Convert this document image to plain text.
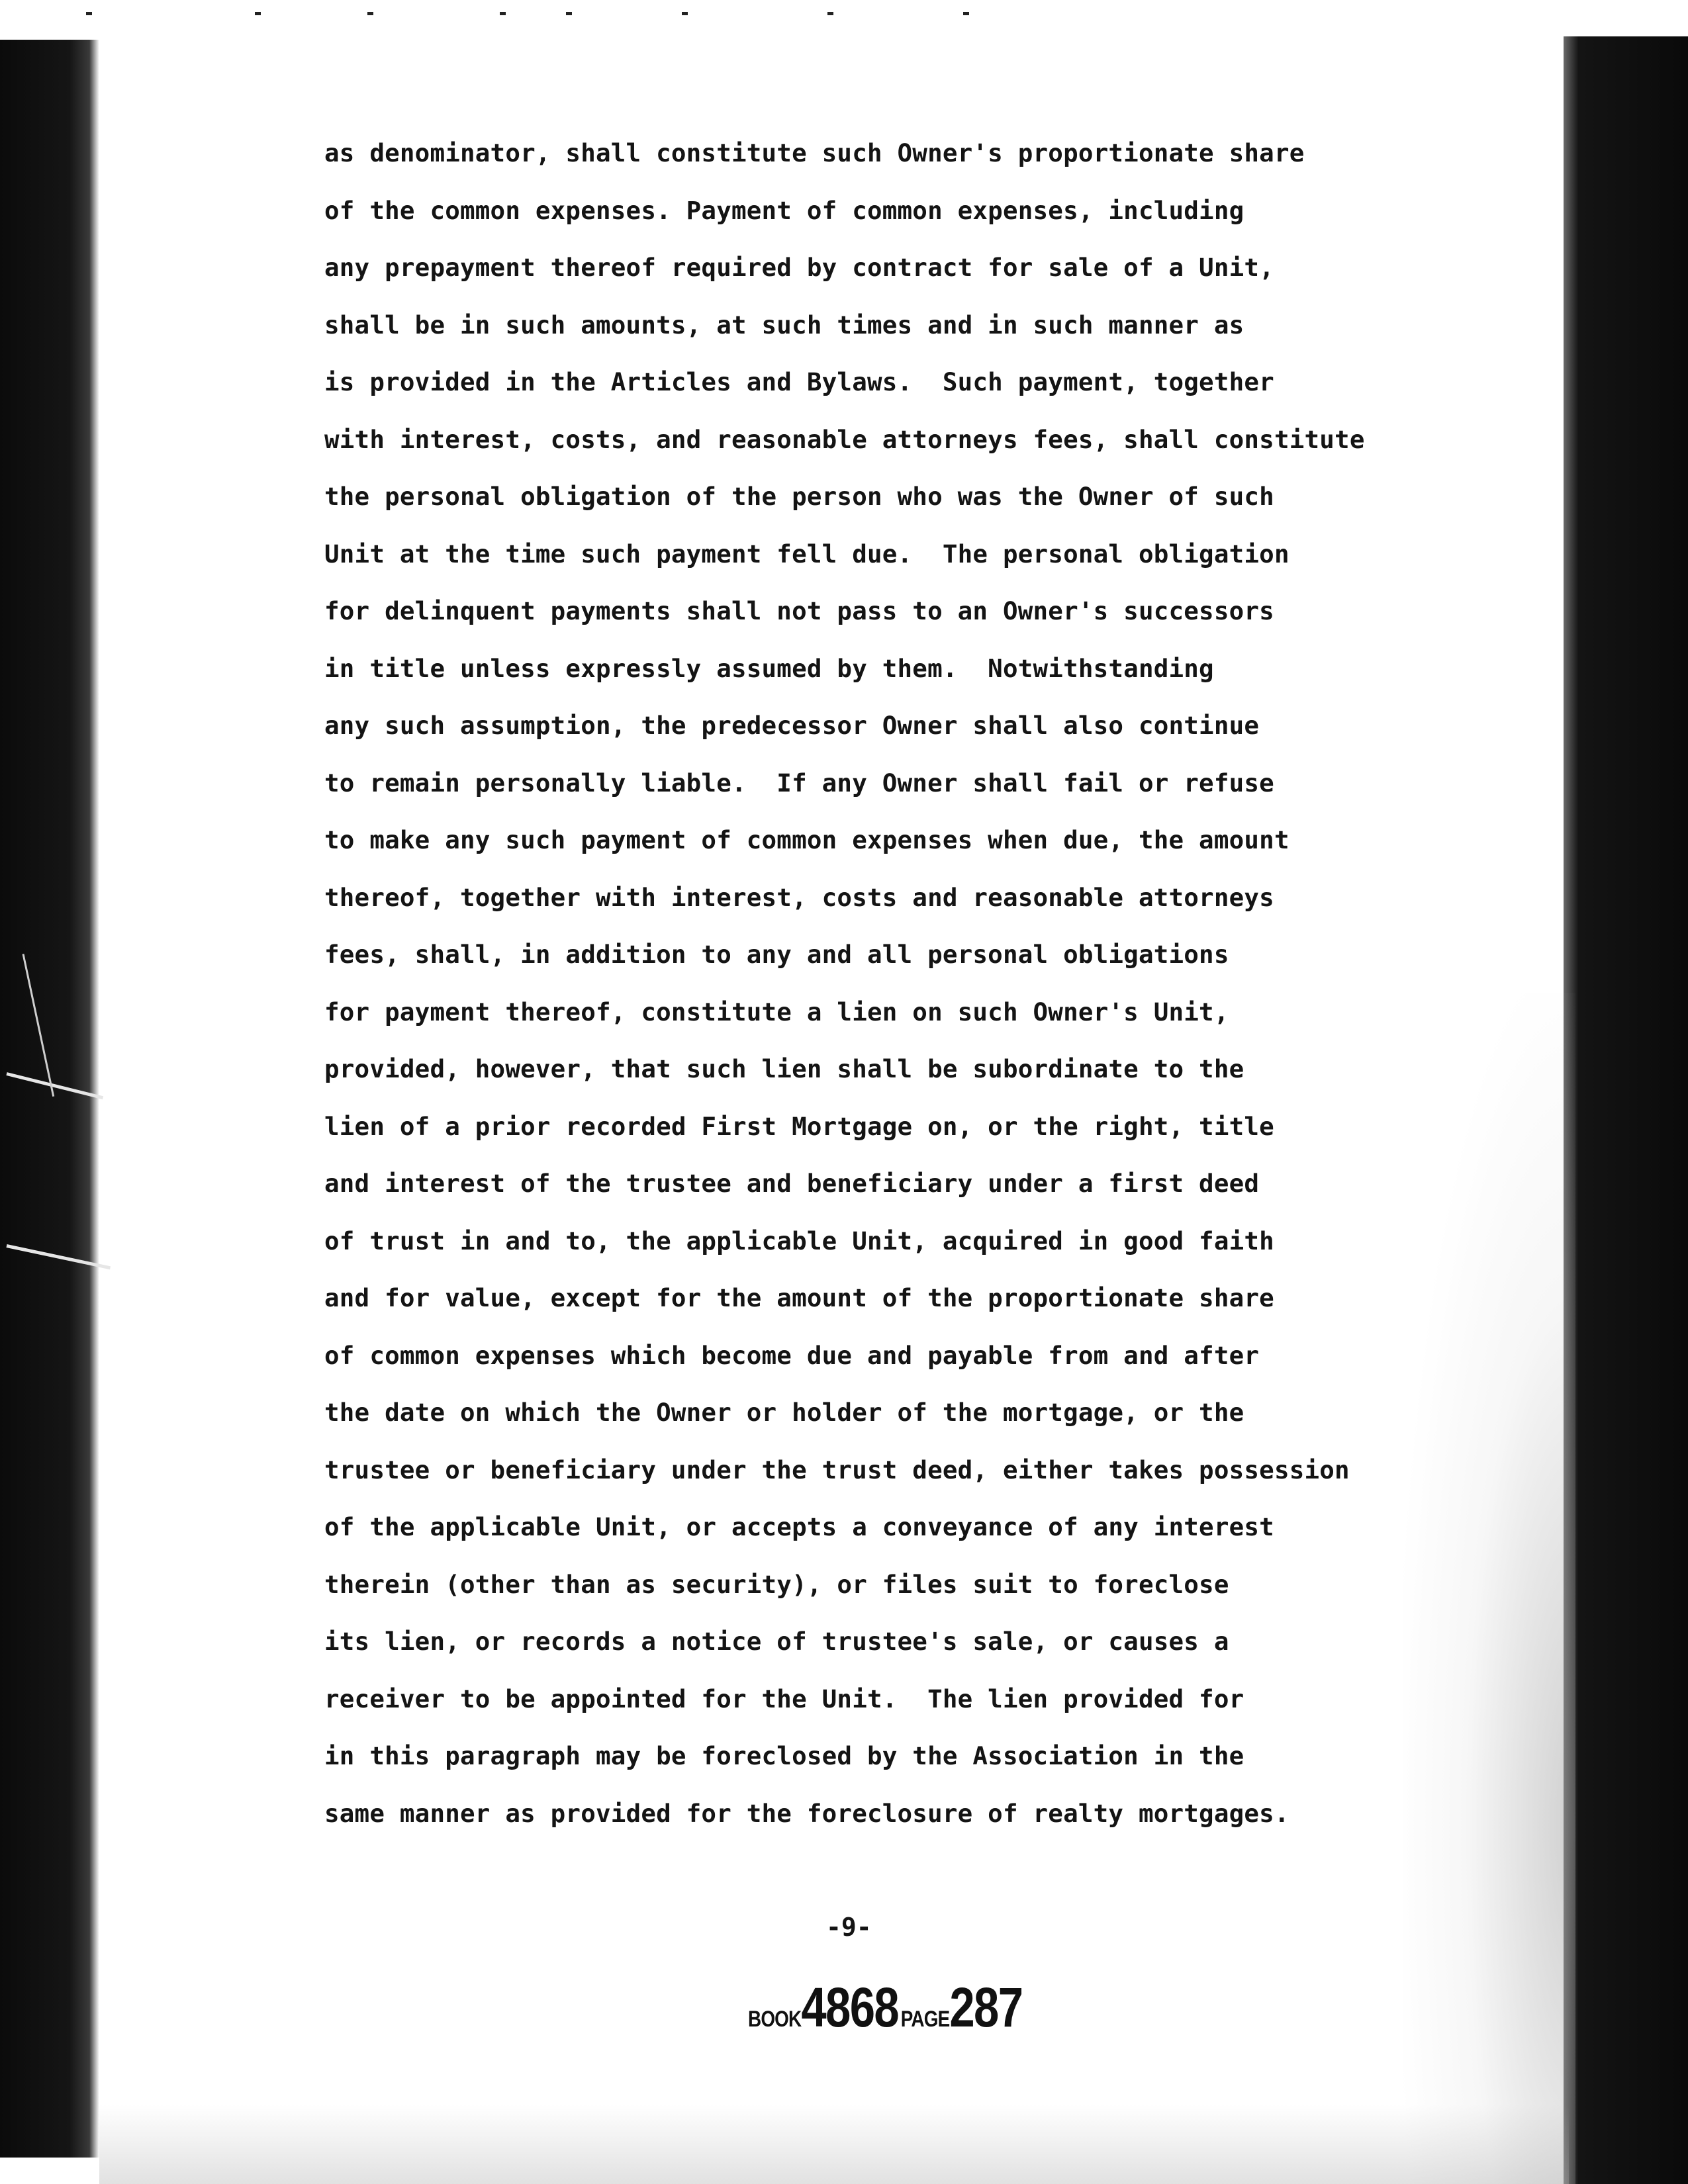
as denominator, shall constitute such Owner's proportionate share
of the common expenses. Payment of common expenses, including
any prepayment thereof required by contract for sale of a Unit,
shall be in such amounts, at such times and in such manner as
is provided in the Articles and Bylaws.  Such payment, together
with interest, costs, and reasonable attorneys fees, shall constitute
the personal obligation of the person who was the Owner of such
Unit at the time such payment fell due.  The personal obligation
for delinquent payments shall not pass to an Owner's successors
in title unless expressly assumed by them.  Notwithstanding
any such assumption, the predecessor Owner shall also continue
to remain personally liable.  If any Owner shall fail or refuse
to make any such payment of common expenses when due, the amount
thereof, together with interest, costs and reasonable attorneys
fees, shall, in addition to any and all personal obligations
for payment thereof, constitute a lien on such Owner's Unit,
provided, however, that such lien shall be subordinate to the
lien of a prior recorded First Mortgage on, or the right, title
and interest of the trustee and beneficiary under a first deed
of trust in and to, the applicable Unit, acquired in good faith
and for value, except for the amount of the proportionate share
of common expenses which become due and payable from and after
the date on which the Owner or holder of the mortgage, or the
trustee or beneficiary under the trust deed, either takes possession
of the applicable Unit, or accepts a conveyance of any interest
therein (other than as security), or files suit to foreclose
its lien, or records a notice of trustee's sale, or causes a
receiver to be appointed for the Unit.  The lien provided for
in this paragraph may be foreclosed by the Association in the
same manner as provided for the foreclosure of realty mortgages.
-9-
BOOK4868 PAGE287
